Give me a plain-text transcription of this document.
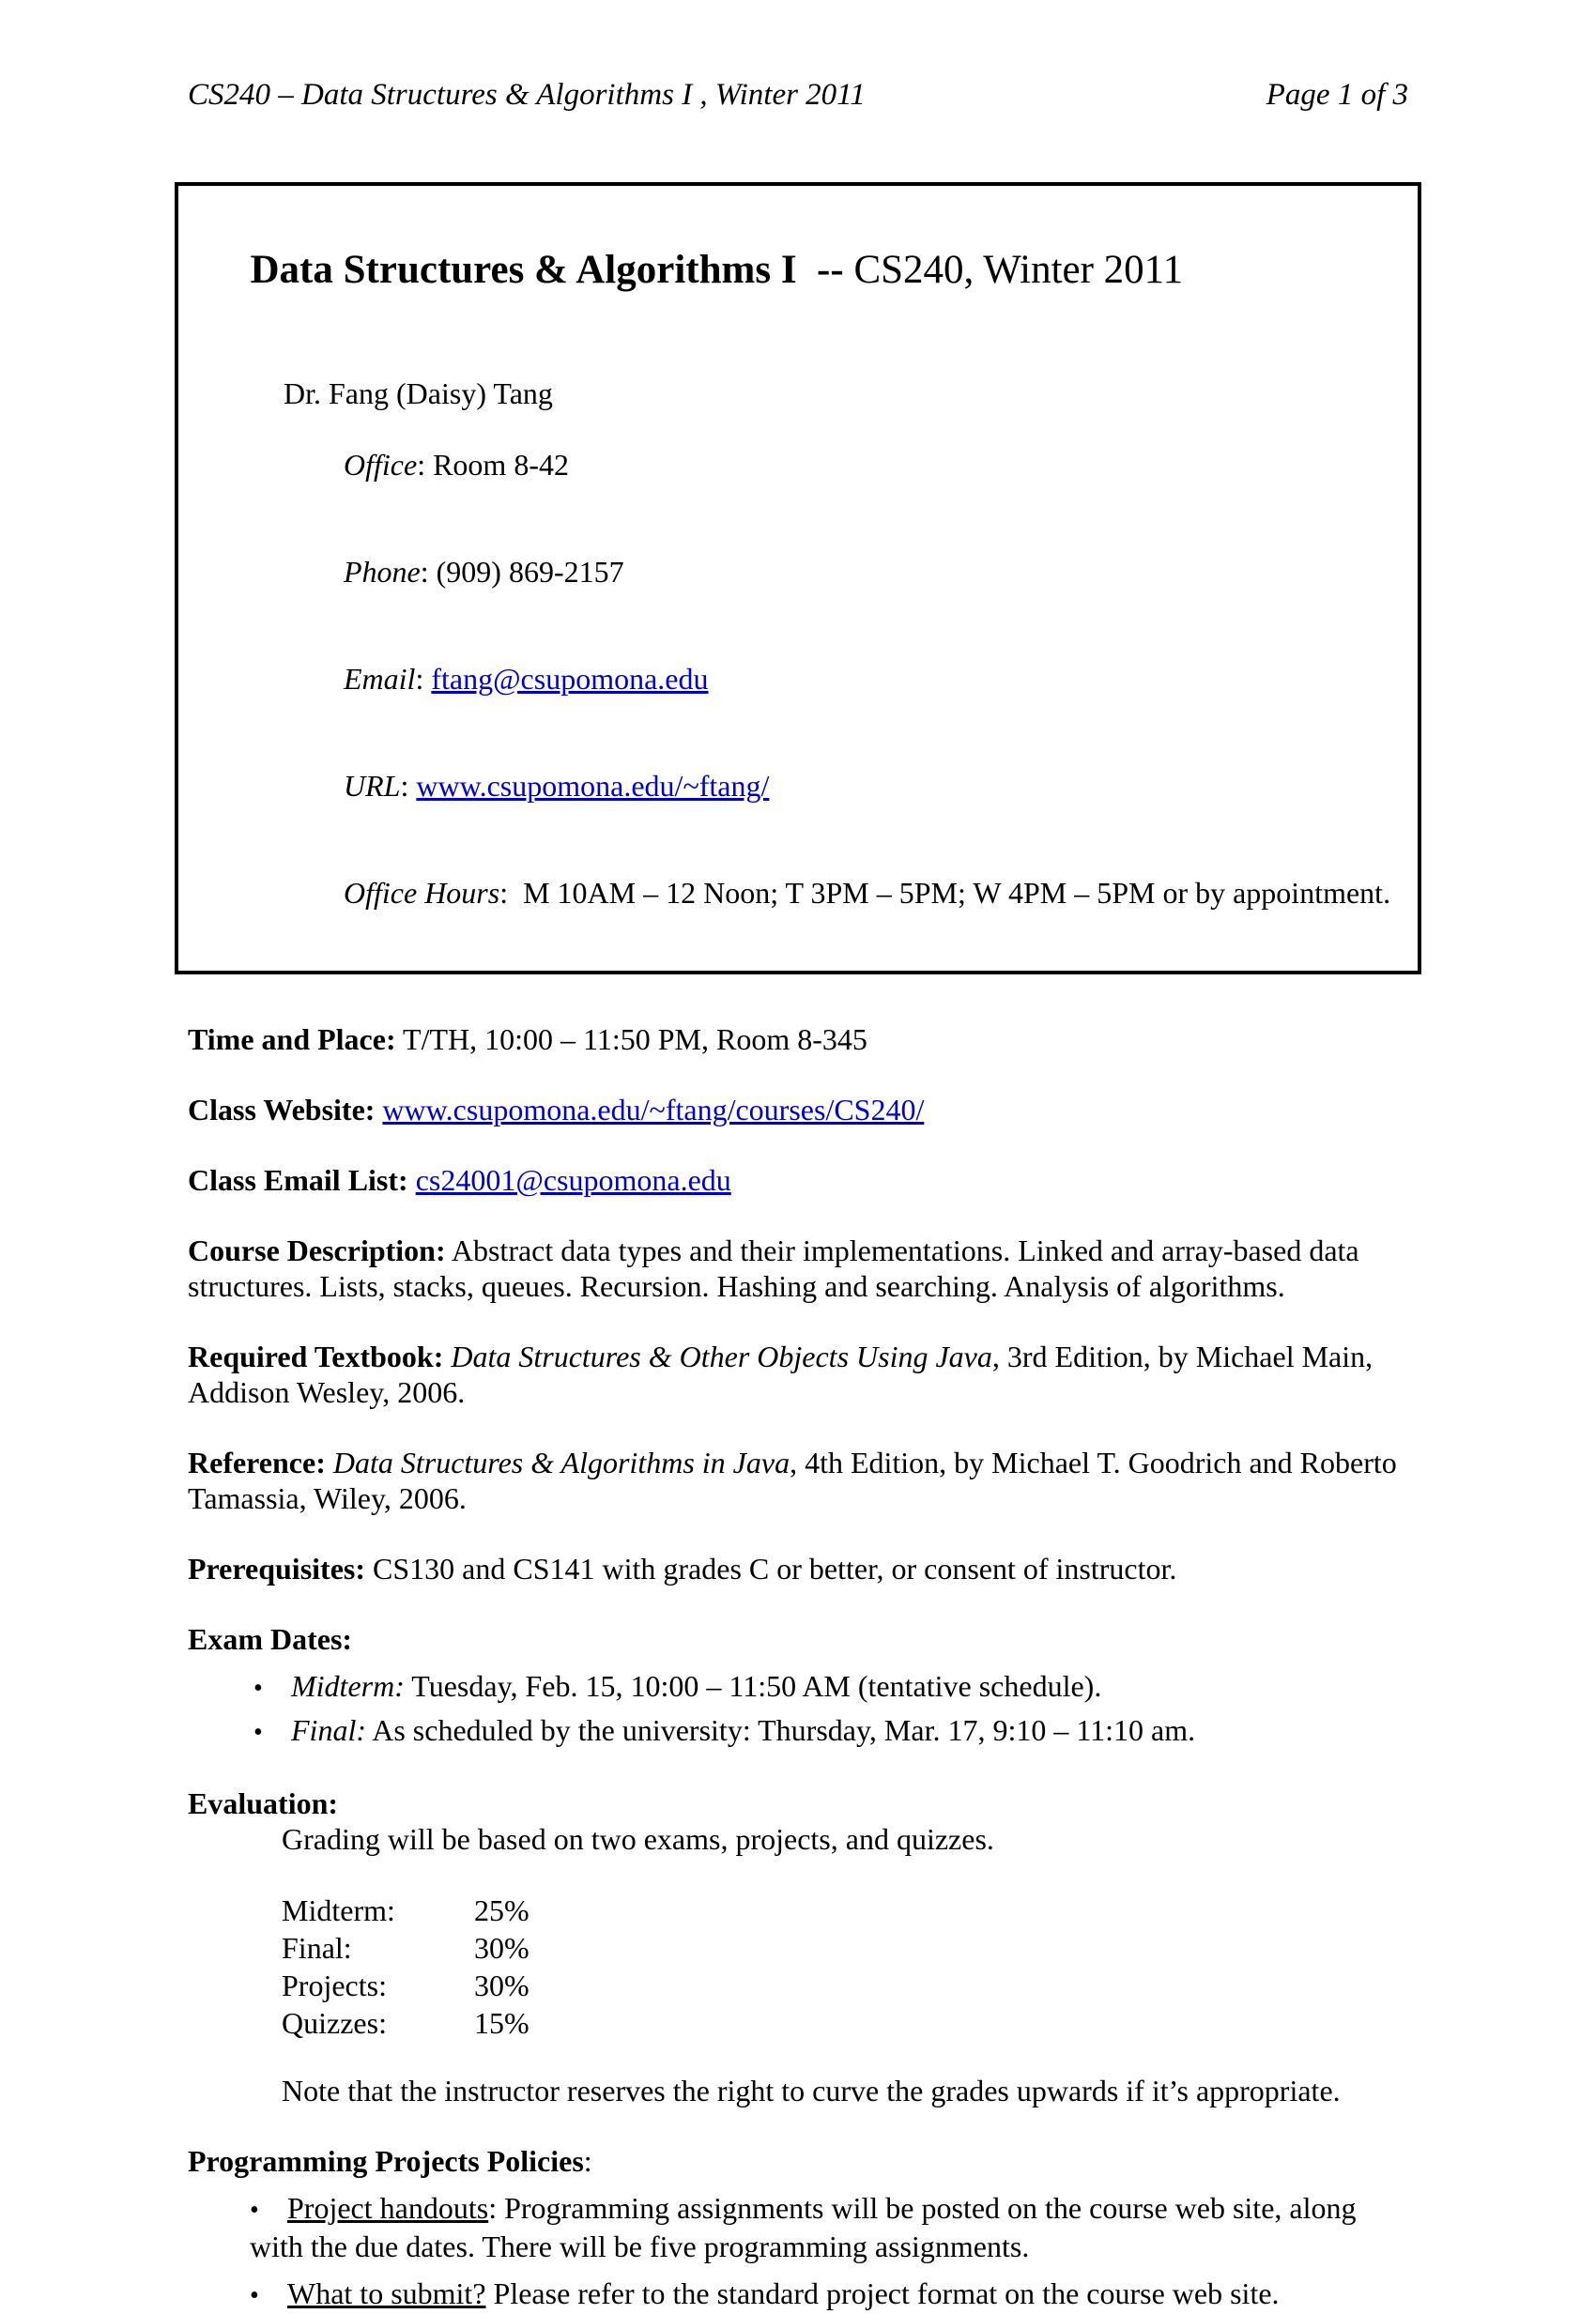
CS240 – Data Structures & Algorithms I , Winter 2011	Page 1 of 3

Data Structures & Algorithms I  -- CS240, Winter 2011

Dr. Fang (Daisy) Tang

Office: Room 8-42

Phone: (909) 869-2157

Email: ftang@csupomona.edu

URL: www.csupomona.edu/~ftang/

Office Hours:  M 10AM – 12 Noon; T 3PM – 5PM; W 4PM – 5PM or by appointment.

Time and Place: T/TH, 10:00 – 11:50 PM, Room 8-345
Class Website: www.csupomona.edu/~ftang/courses/CS240/
Class Email List: cs24001@csupomona.edu
Course Description: Abstract data types and their implementations. Linked and array-based data structures. Lists, stacks, queues. Recursion. Hashing and searching. Analysis of algorithms.
Required Textbook: Data Structures & Other Objects Using Java, 3rd Edition, by Michael Main, Addison Wesley, 2006.
Reference: Data Structures & Algorithms in Java, 4th Edition, by Michael T. Goodrich and Roberto Tamassia, Wiley, 2006.
Prerequisites: CS130 and CS141 with grades C or better, or consent of instructor.
Exam Dates:
• Midterm: Tuesday, Feb. 15, 10:00 – 11:50 AM (tentative schedule).
• Final: As scheduled by the university: Thursday, Mar. 17, 9:10 – 11:10 am.
Evaluation:
Grading will be based on two exams, projects, and quizzes.
Midterm:	25%
Final:	30%
Projects:	30%
Quizzes:	15%
Note that the instructor reserves the right to curve the grades upwards if it’s appropriate.
Programming Projects Policies:
• Project handouts: Programming assignments will be posted on the course web site, along with the due dates. There will be five programming assignments.
• What to submit? Please refer to the standard project format on the course web site.
